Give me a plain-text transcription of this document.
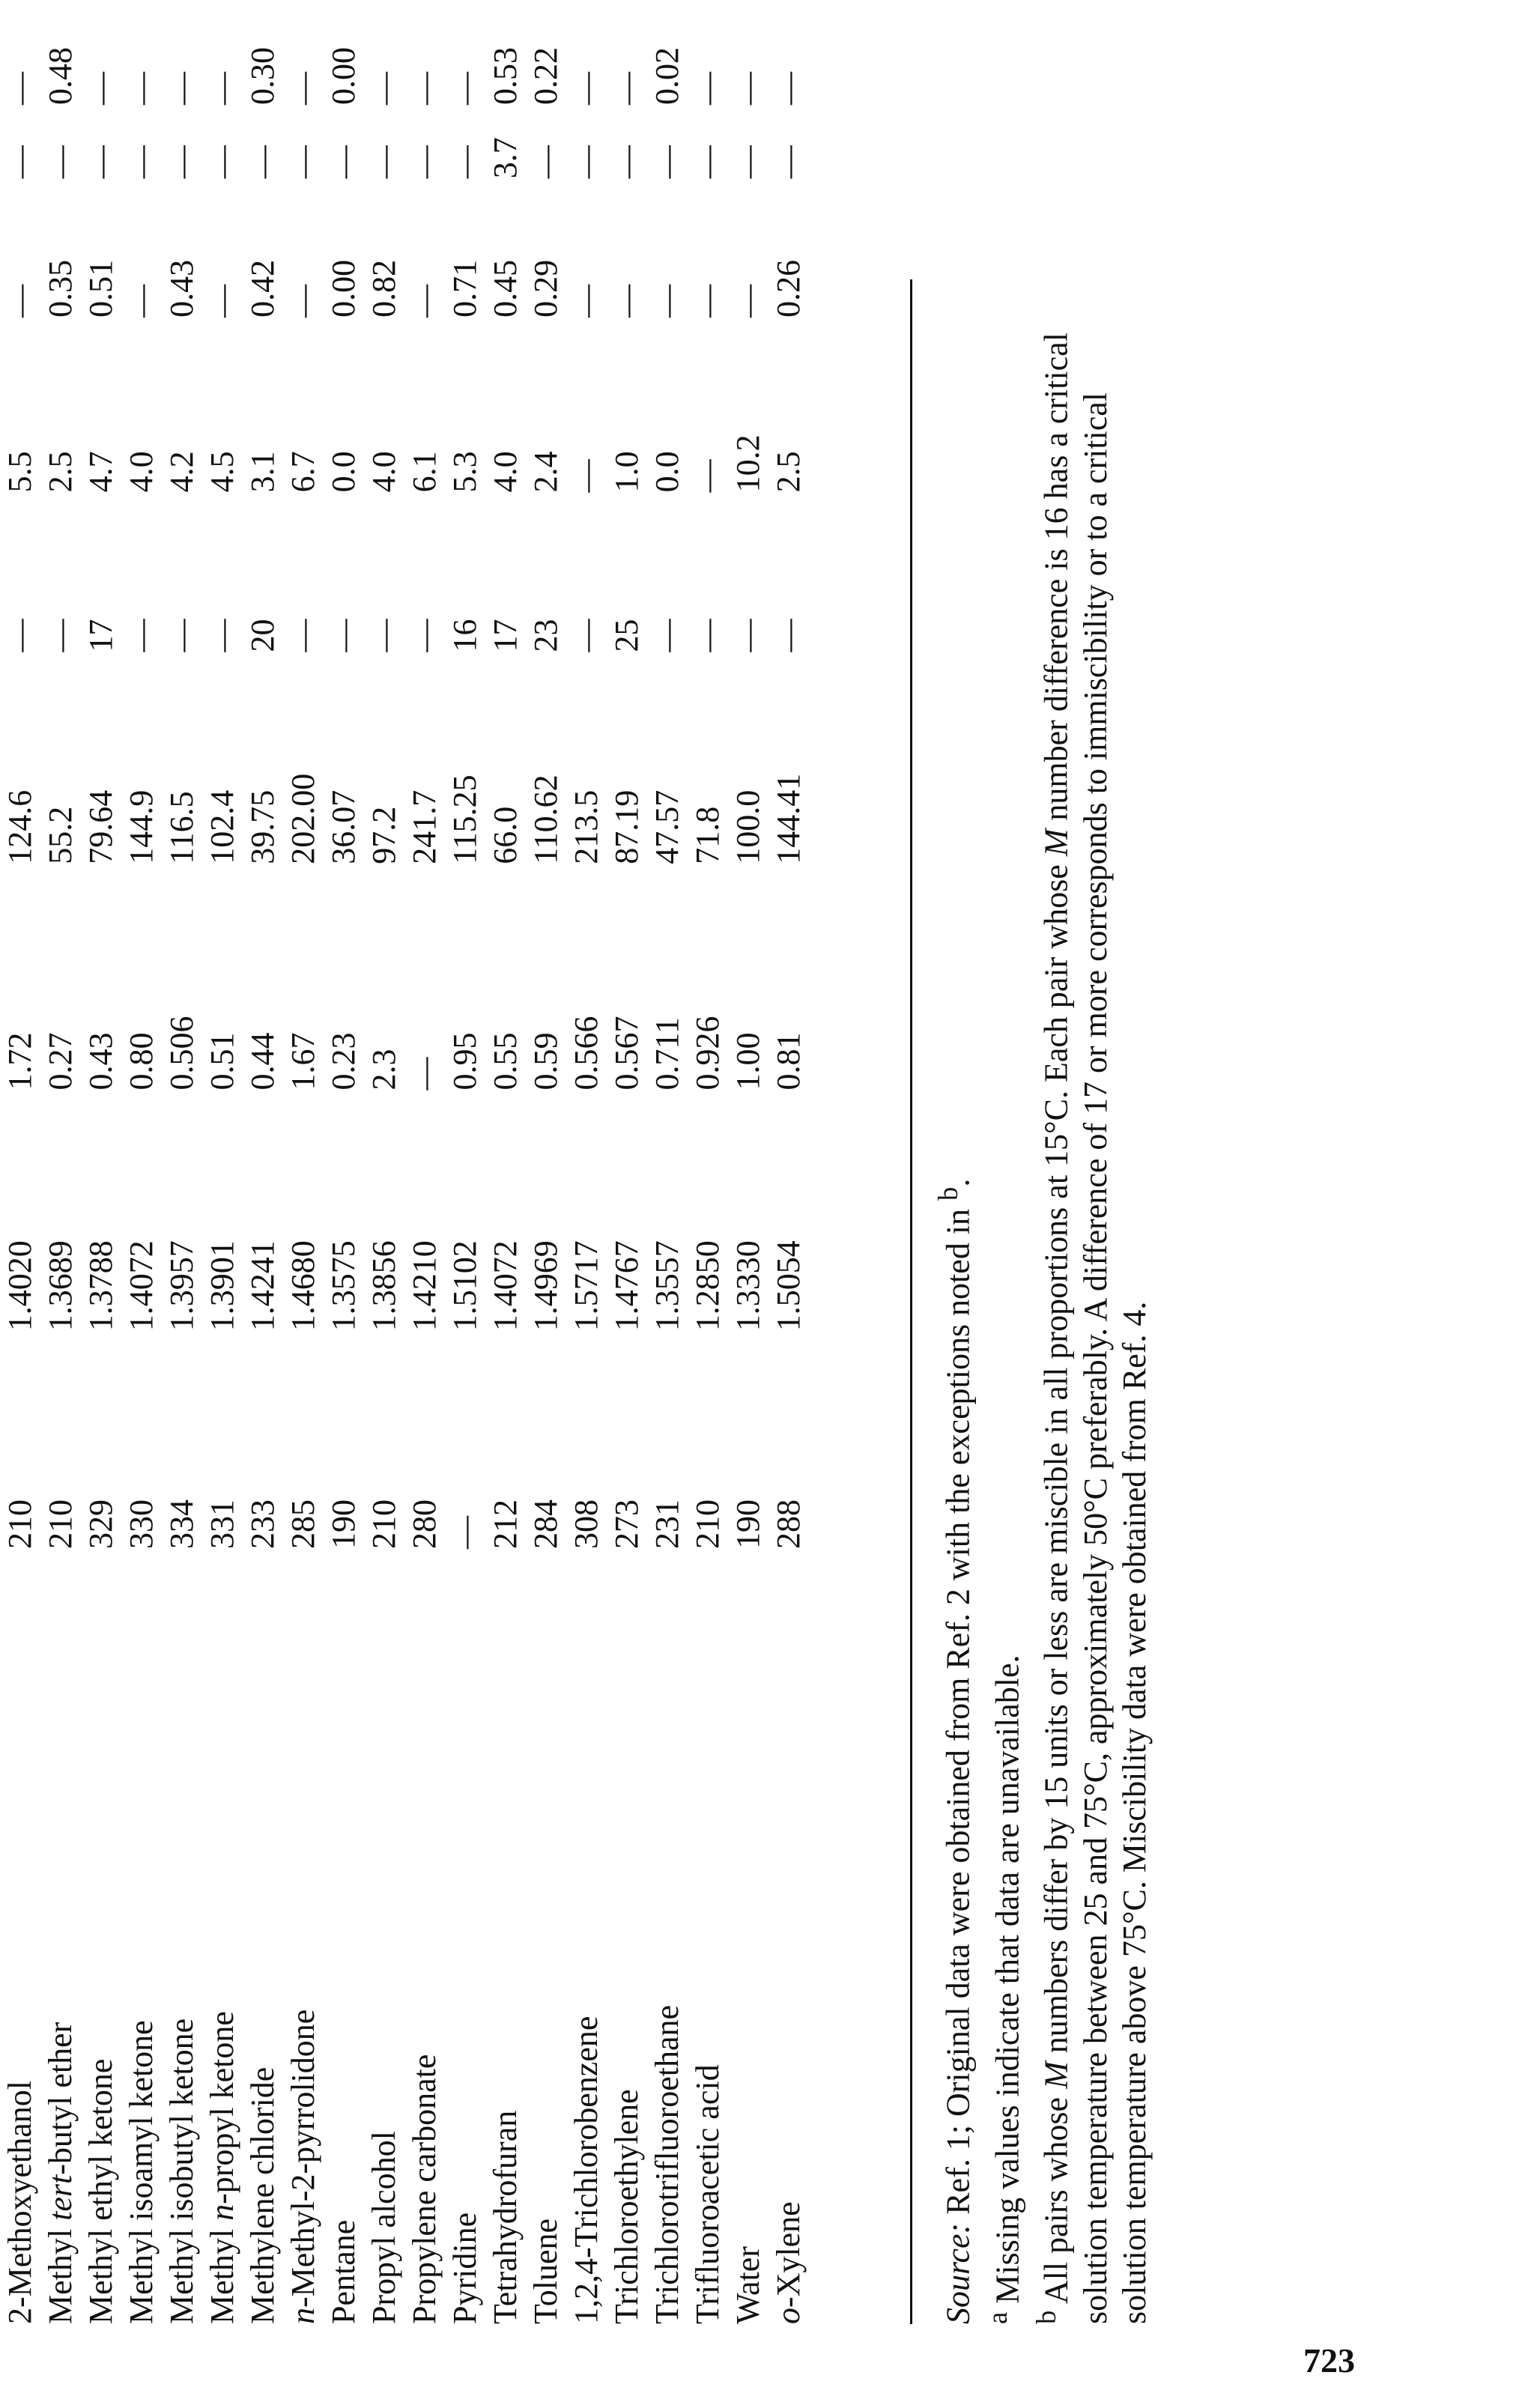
2-Methoxyethanol	210	1.4020	1.72	124.6	—	5.5	—	—	—
Methyl tert-butyl ether	210	1.3689	0.27	55.2	—	2.5	0.35	—	0.48
Methyl ethyl ketone	329	1.3788	0.43	79.64	17	4.7	0.51	—	—
Methyl isoamyl ketone	330	1.4072	0.80	144.9	—	4.0	—	—	—
Methyl isobutyl ketone	334	1.3957	0.506	116.5	—	4.2	0.43	—	—
Methyl n-propyl ketone	331	1.3901	0.51	102.4	—	4.5	—	—	—
Methylene chloride	233	1.4241	0.44	39.75	20	3.1	0.42	—	0.30
n-Methyl-2-pyrrolidone	285	1.4680	1.67	202.00	—	6.7	—	—	—
Pentane	190	1.3575	0.23	36.07	—	0.0	0.00	—	0.00
Propyl alcohol	210	1.3856	2.3	97.2	—	4.0	0.82	—	—
Propylene carbonate	280	1.4210	—	241.7	—	6.1	—	—	—
Pyridine	—	1.5102	0.95	115.25	16	5.3	0.71	—	—
Tetrahydrofuran	212	1.4072	0.55	66.0	17	4.0	0.45	3.7	0.53
Toluene	284	1.4969	0.59	110.62	23	2.4	0.29	—	0.22
1,2,4-Trichlorobenzene	308	1.5717	0.566	213.5	—	—	—	—	—
Trichloroethylene	273	1.4767	0.567	87.19	25	1.0	—	—	—
Trichlorotrifluoroethane	231	1.3557	0.711	47.57	—	0.0	—	—	0.02
Trifluoroacetic acid	210	1.2850	0.926	71.8	—	—	—	—	—
Water	190	1.3330	1.00	100.0	—	10.2	—	—	—
o-Xylene	288	1.5054	0.81	144.41	—	2.5	0.26	—	—

Source: Ref. 1; Original data were obtained from Ref. 2 with the exceptions noted in $^b$.

$^a$ Missing values indicate that data are unavailable.

$^b$ All pairs whose M numbers differ by 15 units or less are miscible in all proportions at 15°C. Each pair whose M number difference is 16 has a critical solution temperature between 25 and 75°C, approximately 50°C preferably. A difference of 17 or more corresponds to immiscibility or to a critical solution temperature above 75°C. Miscibility data were obtained from Ref. 4.

723
